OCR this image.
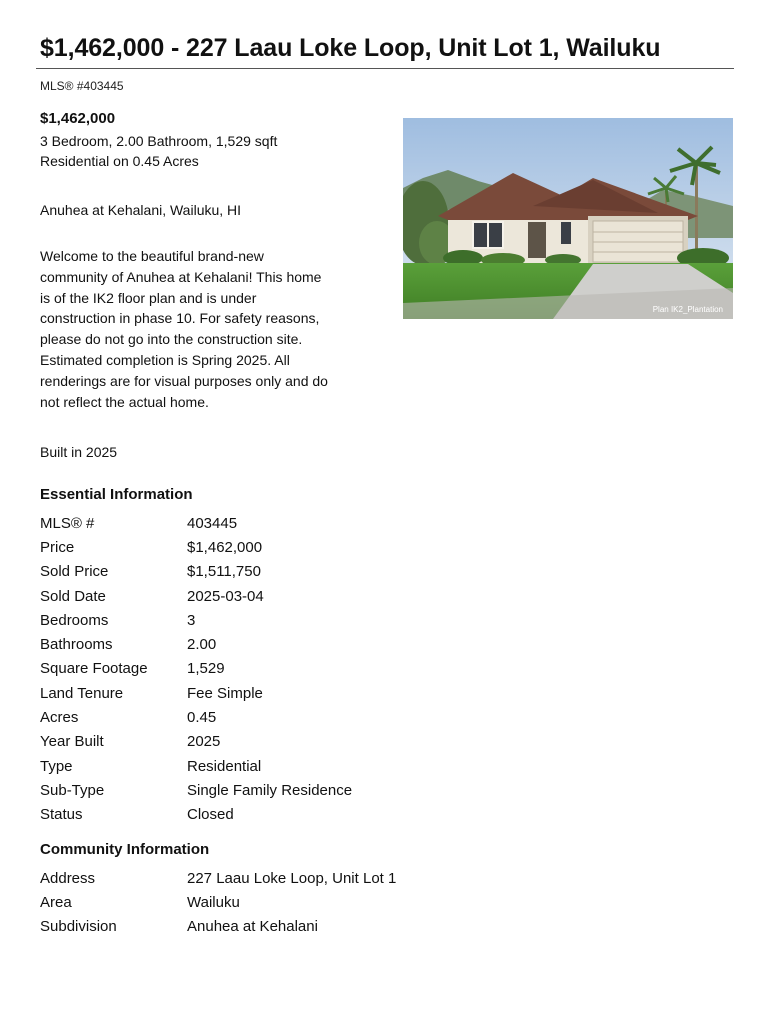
$1,462,000 - 227 Laau Loke Loop, Unit Lot 1, Wailuku
MLS® #403445
$1,462,000
3 Bedroom, 2.00 Bathroom, 1,529 sqft
Residential on 0.45 Acres
Anuhea at Kehalani, Wailuku, HI
Welcome to the beautiful brand-new
community of Anuhea at Kehalani! This home
is of the IK2 floor plan and is under
construction in phase 10. For safety reasons,
please do not go into the construction site.
Estimated completion is Spring 2025. All
renderings are for visual purposes only and do
not reflect the actual home.
Built in 2025
Plan IK2_Plantation
Essential Information
MLS® #	403445
Price	$1,462,000
Sold Price	$1,511,750
Sold Date	2025-03-04
Bedrooms	3
Bathrooms	2.00
Square Footage	1,529
Land Tenure	Fee Simple
Acres	0.45
Year Built	2025
Type	Residential
Sub-Type	Single Family Residence
Status	Closed
Community Information
Address	227 Laau Loke Loop, Unit Lot 1
Area	Wailuku
Subdivision	Anuhea at Kehalani
